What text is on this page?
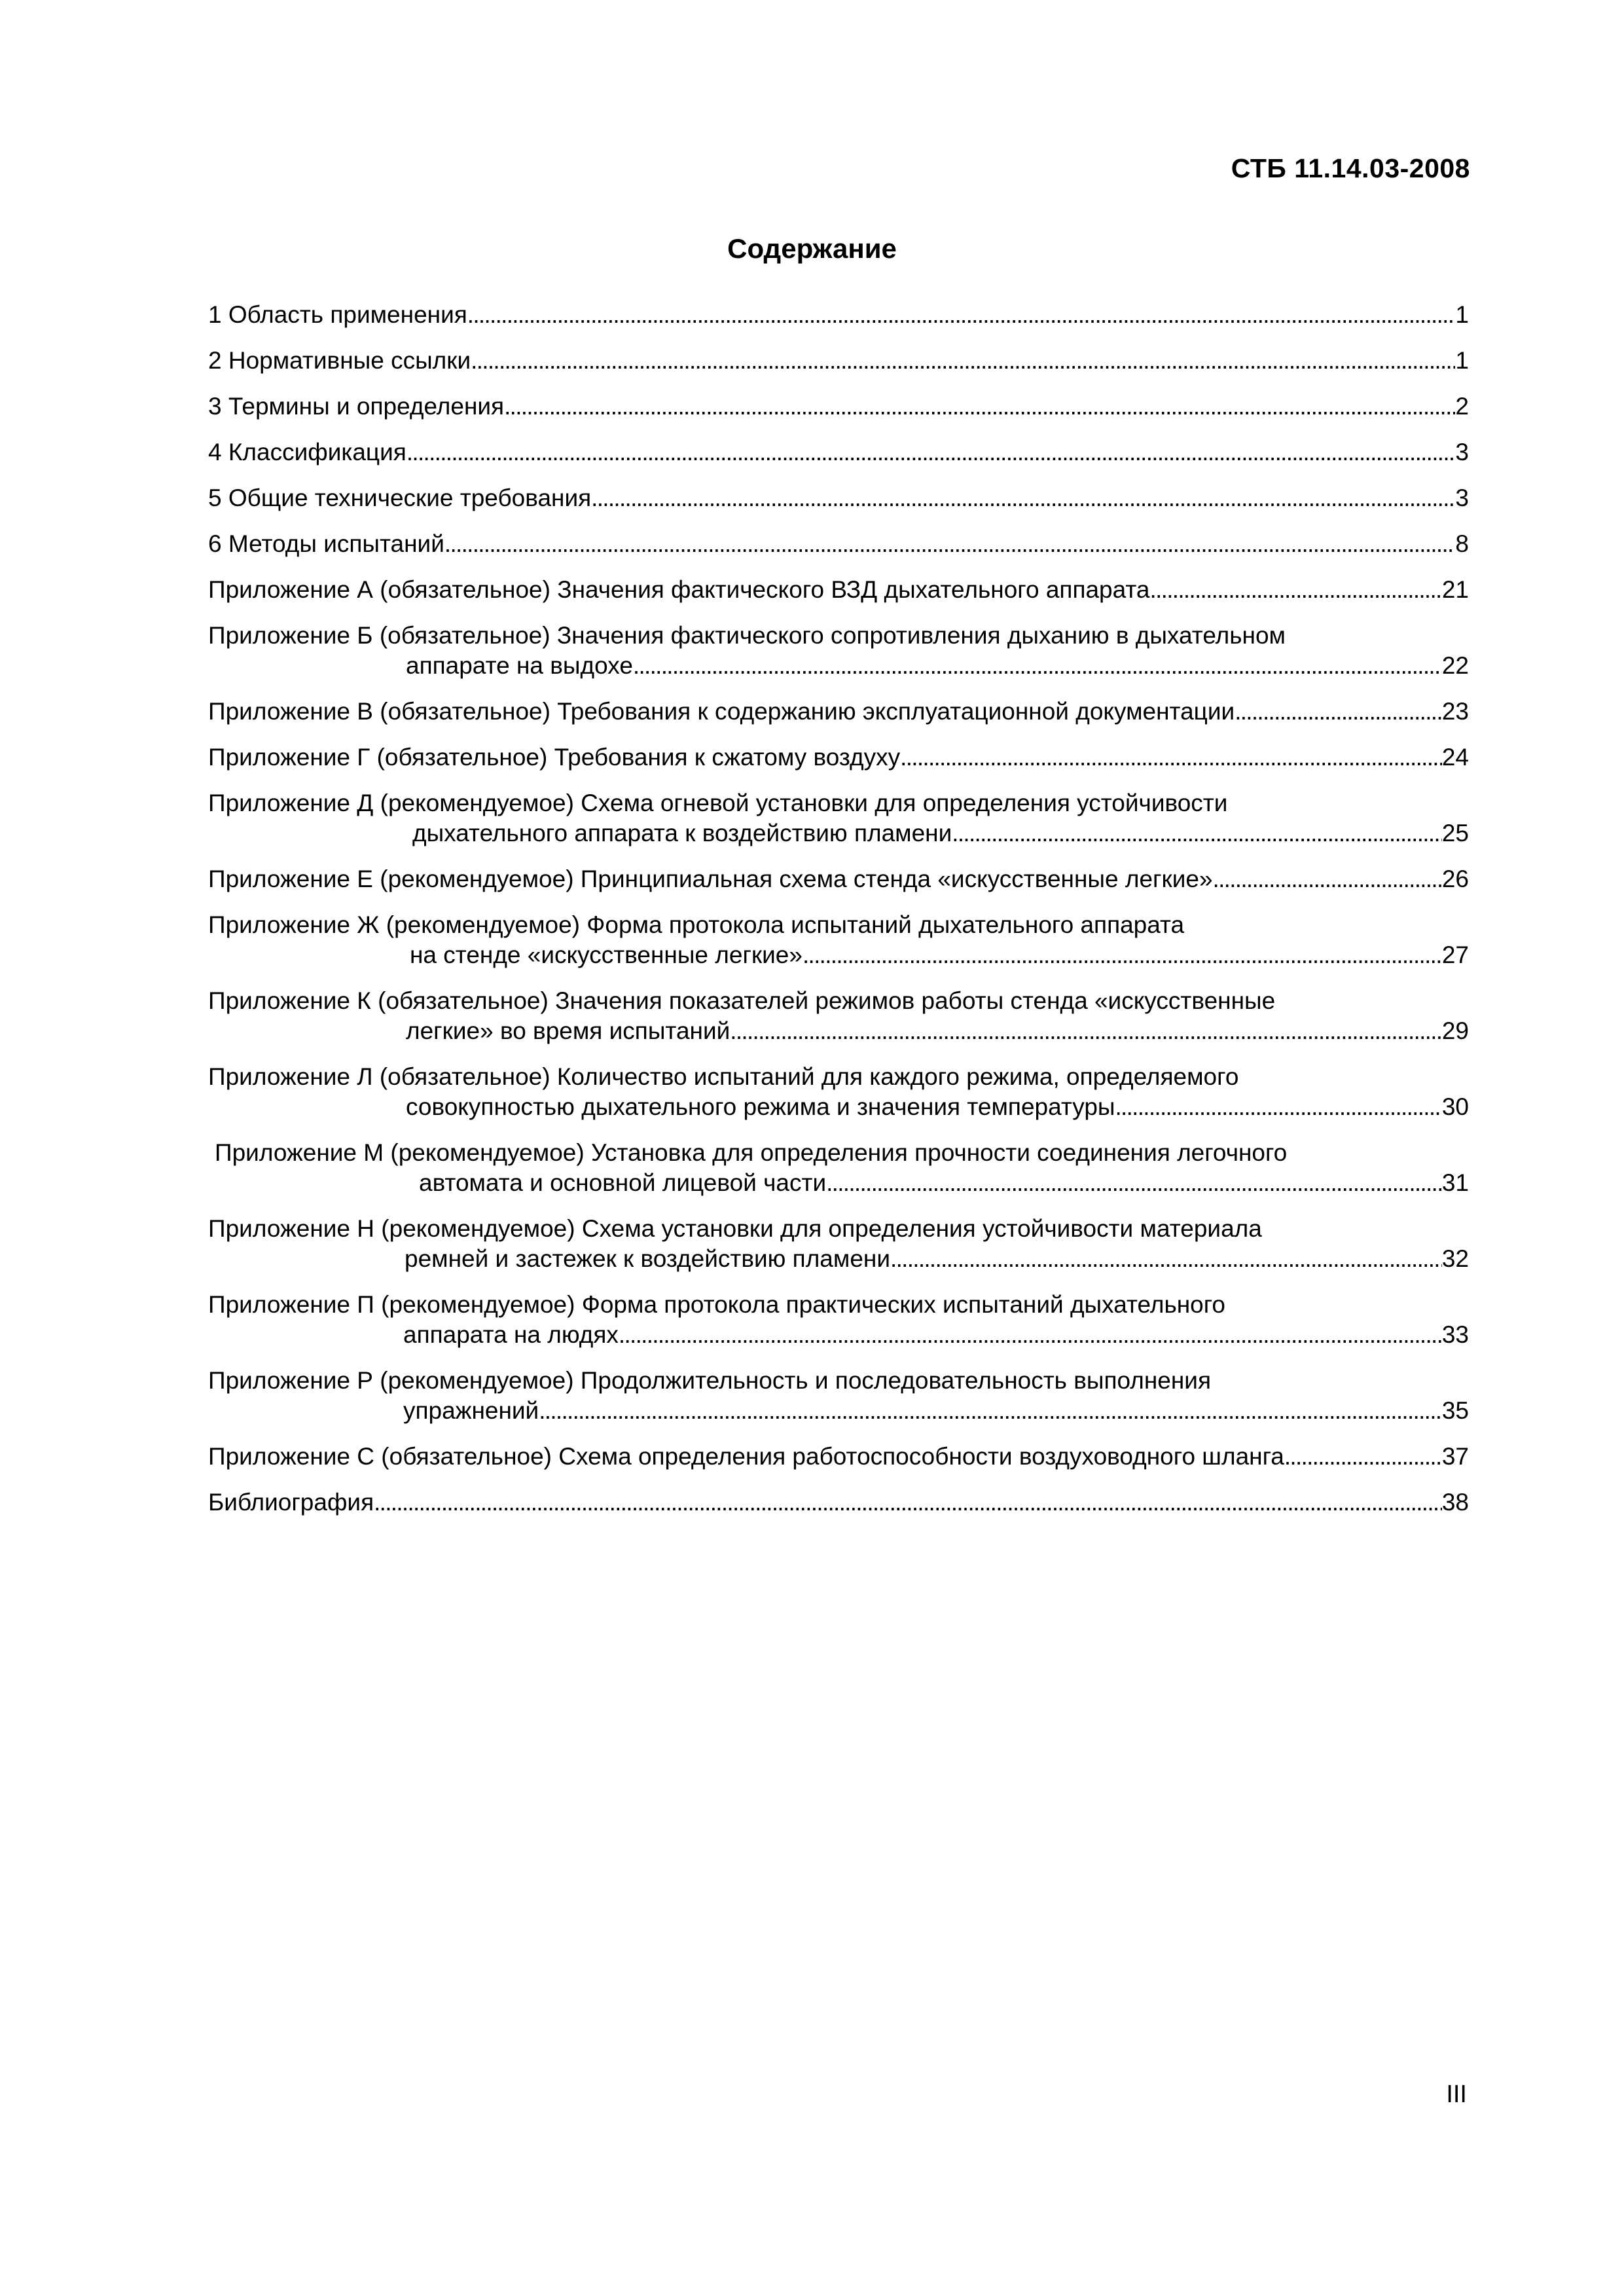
СТБ 11.14.03-2008
Содержание
1 Область применения . . .	1
2 Нормативные ссылки . . .	1
3 Термины и определения . . .	2
4 Классификация . . .	3
5 Общие технические требования . . .	3
6 Методы испытаний . . .	8
Приложение А (обязательное) Значения фактического ВЗД дыхательного аппарата . . .	21
Приложение Б (обязательное) Значения фактического сопротивления дыханию в дыхательном
аппарате на выдохе . . .	22
Приложение В (обязательное) Требования к содержанию эксплуатационной документации . . .	23
Приложение Г (обязательное) Требования к сжатому воздуху . . .	24
Приложение Д (рекомендуемое) Схема огневой установки для определения устойчивости
дыхательного аппарата к воздействию пламени . . .	25
Приложение Е (рекомендуемое) Принципиальная схема стенда «искусственные легкие» . . .	26
Приложение Ж (рекомендуемое) Форма протокола испытаний дыхательного аппарата
на стенде «искусственные легкие» . . .	27
Приложение К (обязательное) Значения показателей режимов работы стенда «искусственные
легкие» во время испытаний . . .	29
Приложение Л (обязательное) Количество испытаний для каждого режима, определяемого
совокупностью дыхательного режима и значения температуры . . .	30
Приложение М (рекомендуемое) Установка для определения прочности соединения легочного
автомата и основной лицевой части . . .	31
Приложение Н (рекомендуемое) Схема установки для определения устойчивости материала
ремней и застежек к воздействию пламени . . .	32
Приложение П (рекомендуемое) Форма протокола практических испытаний дыхательного
аппарата на людях . . .	33
Приложение Р (рекомендуемое) Продолжительность и последовательность выполнения
упражнений . . .	35
Приложение С (обязательное) Схема определения работоспособности воздуховодного шланга . . .	37
Библиография . . .	38
III
